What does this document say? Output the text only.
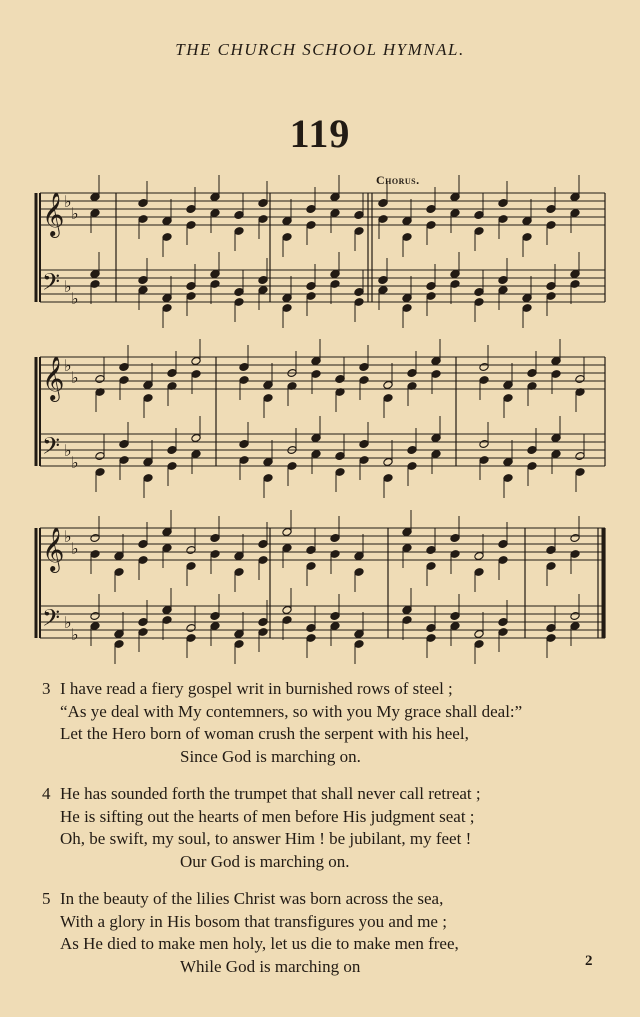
THE CHURCH SCHOOL HYMNAL.
119
Chorus.
𝄞 ♭
♭
𝄢 ♭
♭
𝄞 ♭
♭
𝄢 ♭
♭
𝄞 ♭
♭
𝄢 ♭
♭
3 I have read a fiery gospel writ in burnished rows of steel ;
“As ye deal with My contemners, so with you My grace shall deal:”
Let the Hero born of woman crush the serpent with his heel,
Since God is marching on.
4 He has sounded forth the trumpet that shall never call retreat ;
He is sifting out the hearts of men before His judgment seat ;
Oh, be swift, my soul, to answer Him ! be jubilant, my feet !
Our God is marching on.
5 In the beauty of the lilies Christ was born across the sea,
With a glory in His bosom that transfigures you and me ;
As He died to make men holy, let us die to make men free,
While God is marching on	2
